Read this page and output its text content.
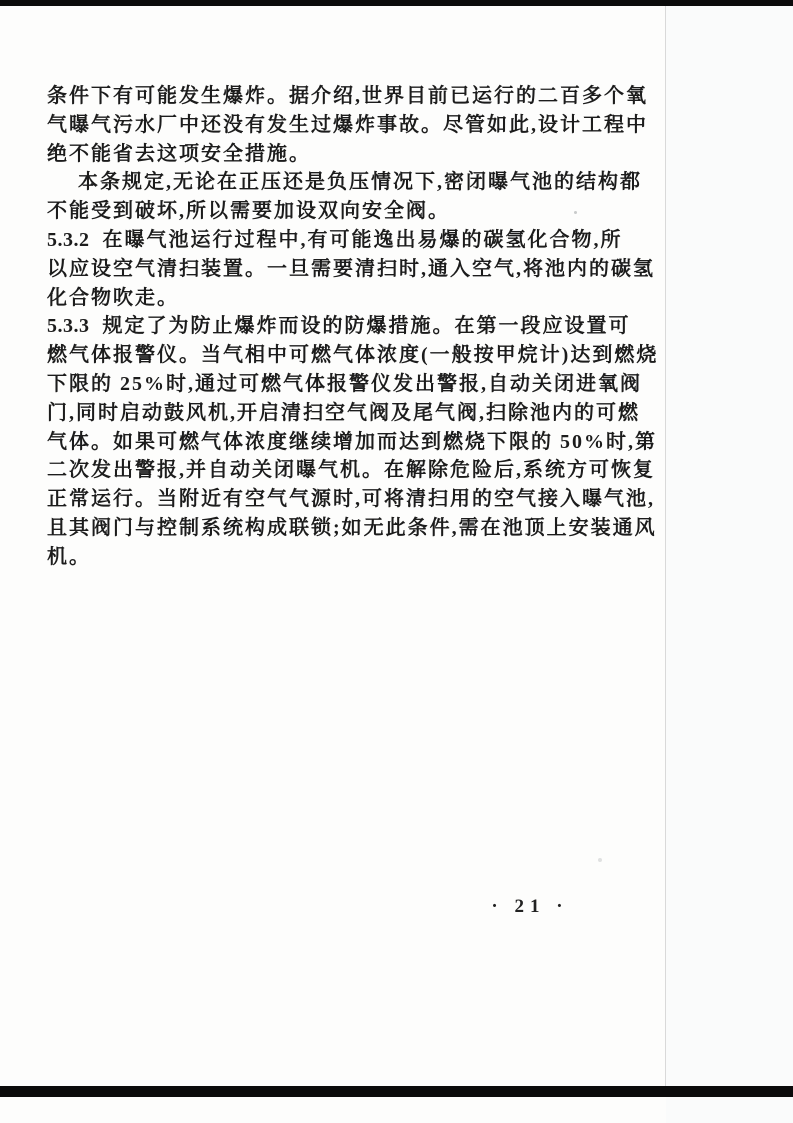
条件下有可能发生爆炸。据介绍,世界目前已运行的二百多个氧
气曝气污水厂中还没有发生过爆炸事故。尽管如此,设计工程中
绝不能省去这项安全措施。
本条规定,无论在正压还是负压情况下,密闭曝气池的结构都
不能受到破坏,所以需要加设双向安全阀。
5.3.2 在曝气池运行过程中,有可能逸出易爆的碳氢化合物,所
以应设空气清扫装置。一旦需要清扫时,通入空气,将池内的碳氢
化合物吹走。
5.3.3 规定了为防止爆炸而设的防爆措施。在第一段应设置可
燃气体报警仪。当气相中可燃气体浓度(一般按甲烷计)达到燃烧
下限的 25%时,通过可燃气体报警仪发出警报,自动关闭进氧阀
门,同时启动鼓风机,开启清扫空气阀及尾气阀,扫除池内的可燃
气体。如果可燃气体浓度继续增加而达到燃烧下限的 50%时,第
二次发出警报,并自动关闭曝气机。在解除危险后,系统方可恢复
正常运行。当附近有空气气源时,可将清扫用的空气接入曝气池,
且其阀门与控制系统构成联锁;如无此条件,需在池顶上安装通风
机。
· 21 ·
